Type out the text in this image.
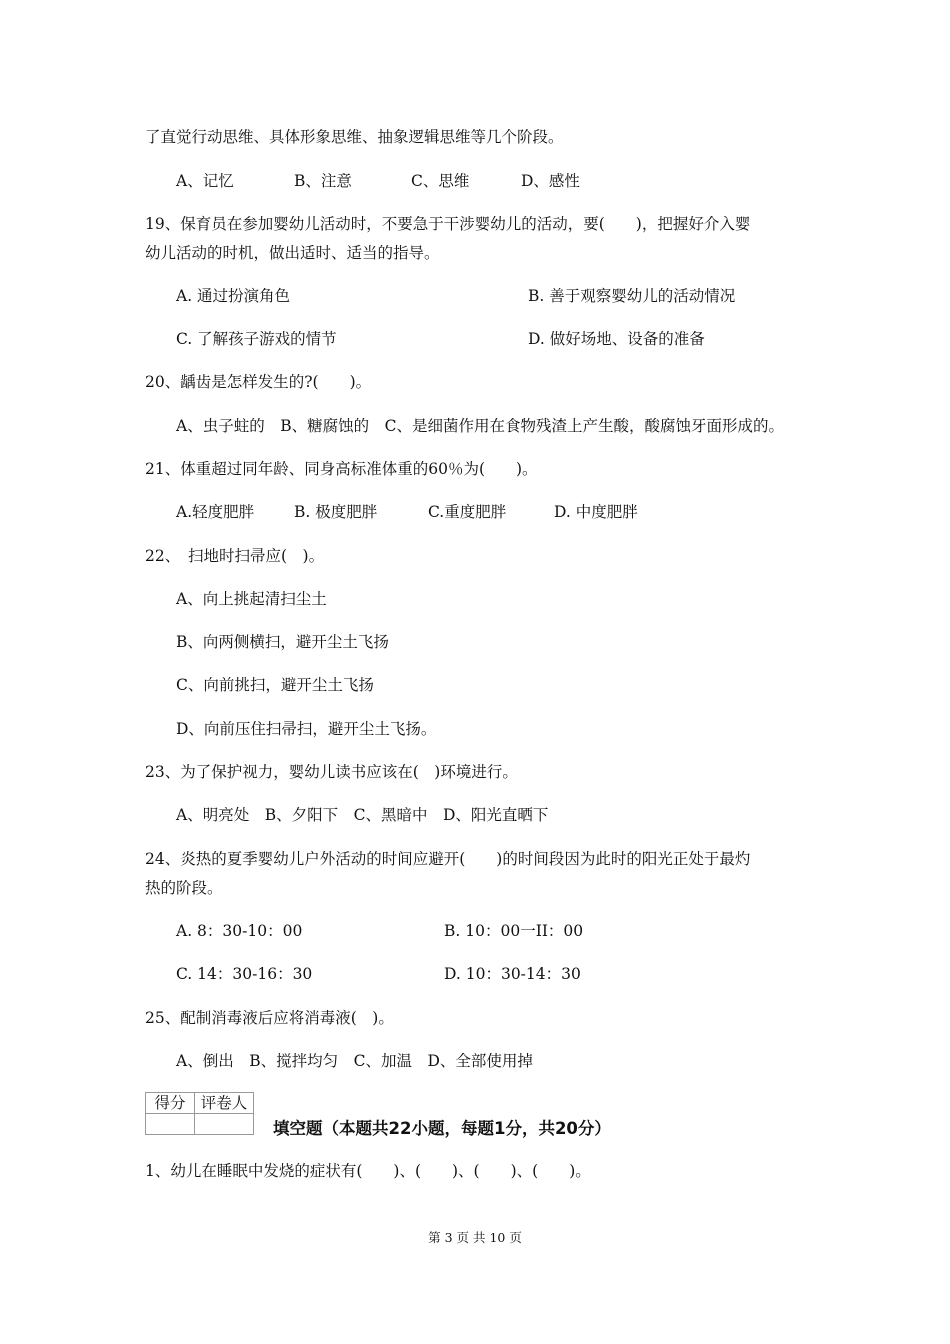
了直觉行动思维、具体形象思维、抽象逻辑思维等几个阶段。
A、记忆	B、注意	C、思维	D、感性
19、保育员在参加婴幼儿活动时，不要急于干涉婴幼儿的活动，要(　　)，把握好介入婴
幼儿活动的时机，做出适时、适当的指导。
A. 通过扮演角色	B. 善于观察婴幼儿的活动情况
C. 了解孩子游戏的情节	D. 做好场地、设备的准备
20、龋齿是怎样发生的?(　　)。
A、虫子蛀的　B、糖腐蚀的　C、是细菌作用在食物残渣上产生酸，酸腐蚀牙面形成的。
21、体重超过同年龄、同身高标准体重的60％为(　　)。
A.轻度肥胖	B. 极度肥胖	C.重度肥胖	D. 中度肥胖
22、　扫地时扫帚应(　)。
A、向上挑起清扫尘土
B、向两侧横扫，避开尘土飞扬
C、向前挑扫，避开尘土飞扬
D、向前压住扫帚扫，避开尘土飞扬。
23、为了保护视力，婴幼儿读书应该在(　)环境进行。
A、明亮处　B、夕阳下　C、黑暗中　D、阳光直晒下
24、炎热的夏季婴幼儿户外活动的时间应避开(　　)的时间段因为此时的阳光正处于最灼
热的阶段。
A. 8：30-10：00	B. 10：00一II：00
C. 14：30-16：30	D. 10：30-14：30
25、配制消毒液后应将消毒液(　)。
A、倒出　B、搅拌均匀　C、加温　D、全部使用掉
得分	评卷人

填空题（本题共22小题，每题1分，共20分）
1、幼儿在睡眠中发烧的症状有(　　)、(　　)、(　　)、(　　)。
第 3 页 共 10 页
